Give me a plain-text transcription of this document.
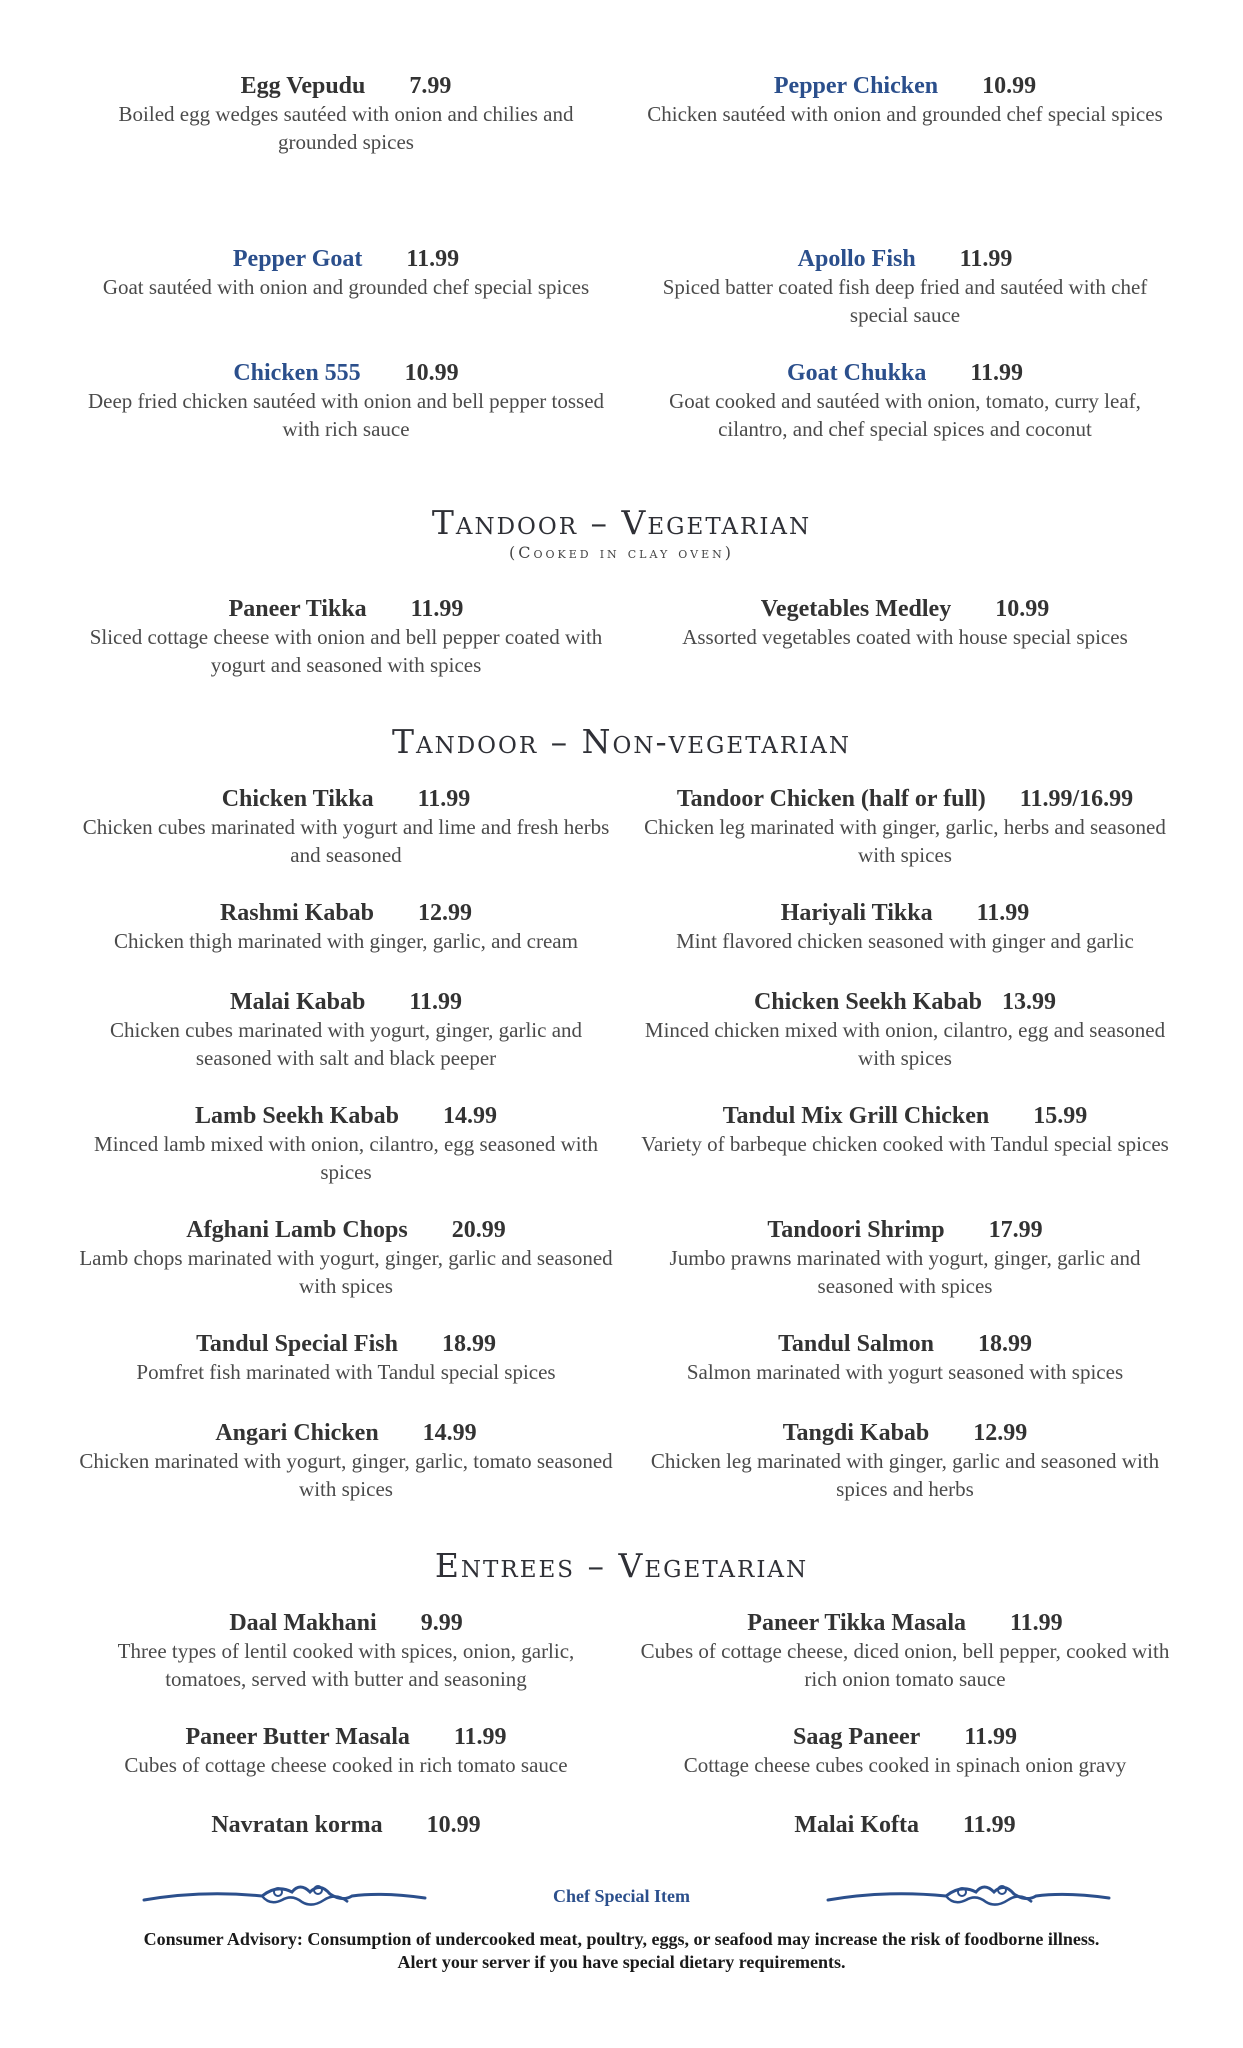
Egg Vepudu 7.99
Boiled egg wedges sautéed with onion and chilies and grounded spices
Pepper Chicken 10.99
Chicken sautéed with onion and grounded chef special spices
Pepper Goat 11.99
Goat sautéed with onion and grounded chef special spices
Apollo Fish 11.99
Spiced batter coated fish deep fried and sautéed with chef special sauce
Chicken 555 10.99
Deep fried chicken sautéed with onion and bell pepper tossed with rich sauce
Goat Chukka 11.99
Goat cooked and sautéed with onion, tomato, curry leaf, cilantro, and chef special spices and coconut
Tandoor – Vegetarian
(Cooked in clay oven)
Paneer Tikka 11.99
Sliced cottage cheese with onion and bell pepper coated with yogurt and seasoned with spices
Vegetables Medley 10.99
Assorted vegetables coated with house special spices
Tandoor – Non-vegetarian
Chicken Tikka 11.99
Chicken cubes marinated with yogurt and lime and fresh herbs and seasoned
Tandoor Chicken (half or full) 11.99/16.99
Chicken leg marinated with ginger, garlic, herbs and seasoned with spices
Rashmi Kabab 12.99
Chicken thigh marinated with ginger, garlic, and cream
Hariyali Tikka 11.99
Mint flavored chicken seasoned with ginger and garlic
Malai Kabab 11.99
Chicken cubes marinated with yogurt, ginger, garlic and seasoned with salt and black peeper
Chicken Seekh Kabab 13.99
Minced chicken mixed with onion, cilantro, egg and seasoned with spices
Lamb Seekh Kabab 14.99
Minced lamb mixed with onion, cilantro, egg seasoned with spices
Tandul Mix Grill Chicken 15.99
Variety of barbeque chicken cooked with Tandul special spices
Afghani Lamb Chops 20.99
Lamb chops marinated with yogurt, ginger, garlic and seasoned with spices
Tandoori Shrimp 17.99
Jumbo prawns marinated with yogurt, ginger, garlic and seasoned with spices
Tandul Special Fish 18.99
Pomfret fish marinated with Tandul special spices
Tandul Salmon 18.99
Salmon marinated with yogurt seasoned with spices
Angari Chicken 14.99
Chicken marinated with yogurt, ginger, garlic, tomato seasoned with spices
Tangdi Kabab 12.99
Chicken leg marinated with ginger, garlic and seasoned with spices and herbs
Entrees – Vegetarian
Daal Makhani 9.99
Three types of lentil cooked with spices, onion, garlic, tomatoes, served with butter and seasoning
Paneer Tikka Masala 11.99
Cubes of cottage cheese, diced onion, bell pepper, cooked with rich onion tomato sauce
Paneer Butter Masala 11.99
Cubes of cottage cheese cooked in rich tomato sauce
Saag Paneer 11.99
Cottage cheese cubes cooked in spinach onion gravy
Navratan korma 10.99	Malai Kofta 11.99
Chef Special Item
Consumer Advisory: Consumption of undercooked meat, poultry, eggs, or seafood may increase the risk of foodborne illness.
Alert your server if you have special dietary requirements.
